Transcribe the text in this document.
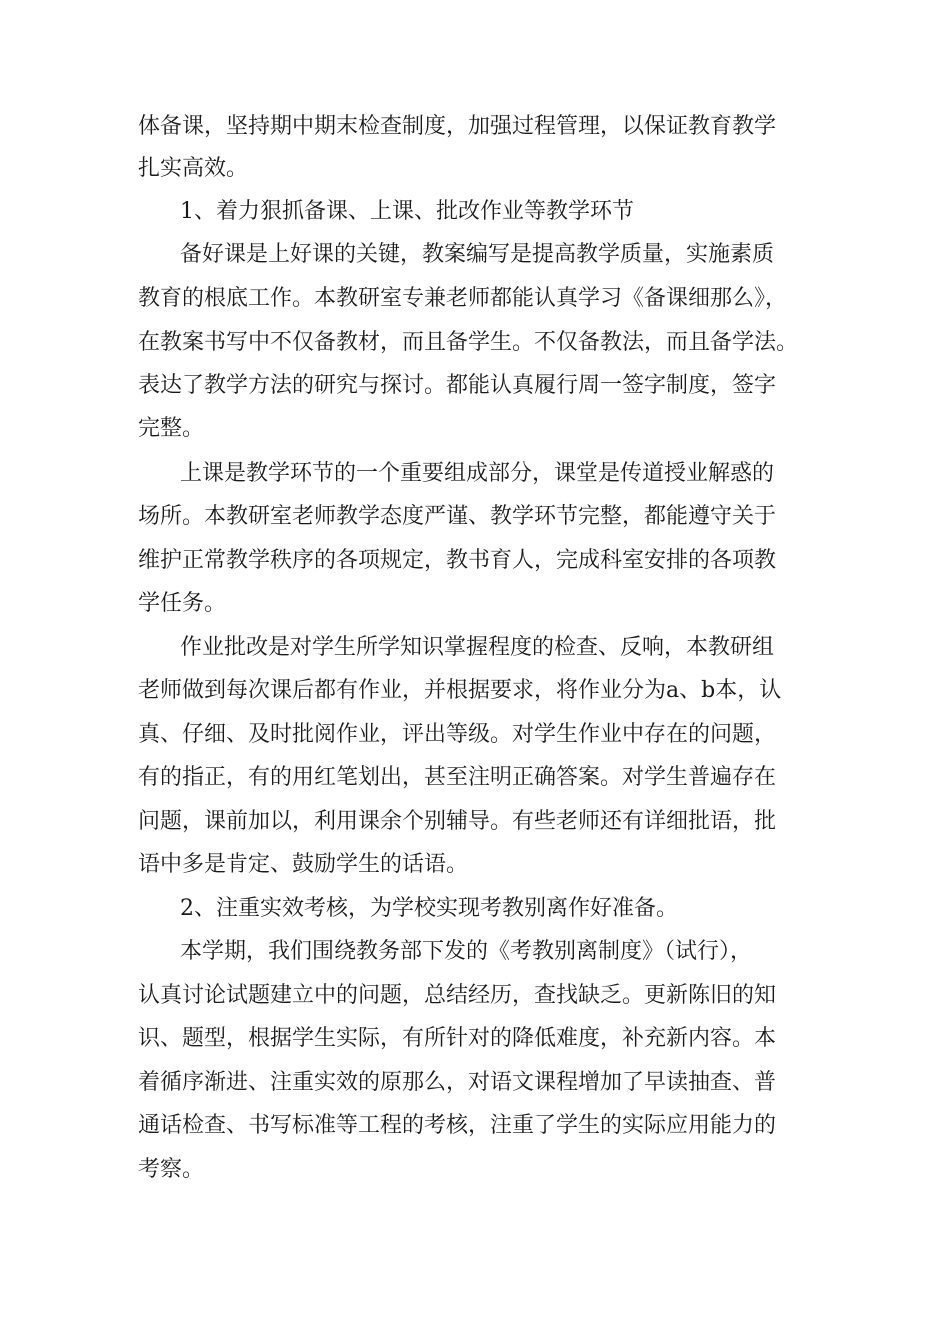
体备课，坚持期中期末检查制度，加强过程管理，以保证教育教学

扎实高效。

1、着力狠抓备课、上课、批改作业等教学环节

备好课是上好课的关键，教案编写是提高教学质量，实施素质

教育的根底工作。本教研室专兼老师都能认真学习《备课细那么》，

在教案书写中不仅备教材，而且备学生。不仅备教法，而且备学法。

表达了教学方法的研究与探讨。都能认真履行周一签字制度，签字

完整。

上课是教学环节的一个重要组成部分，课堂是传道授业解惑的

场所。本教研室老师教学态度严谨、教学环节完整，都能遵守关于

维护正常教学秩序的各项规定，教书育人，完成科室安排的各项教

学任务。

作业批改是对学生所学知识掌握程度的检查、反响，本教研组

老师做到每次课后都有作业，并根据要求，将作业分为a、b本，认

真、仔细、及时批阅作业，评出等级。对学生作业中存在的问题，

有的指正，有的用红笔划出，甚至注明正确答案。对学生普遍存在

问题，课前加以，利用课余个别辅导。有些老师还有详细批语，批

语中多是肯定、鼓励学生的话语。

2、注重实效考核，为学校实现考教别离作好准备。

本学期，我们围绕教务部下发的《考教别离制度》（试行），

认真讨论试题建立中的问题，总结经历，查找缺乏。更新陈旧的知

识、题型，根据学生实际，有所针对的降低难度，补充新内容。本

着循序渐进、注重实效的原那么，对语文课程增加了早读抽查、普

通话检查、书写标准等工程的考核，注重了学生的实际应用能力的

考察。
